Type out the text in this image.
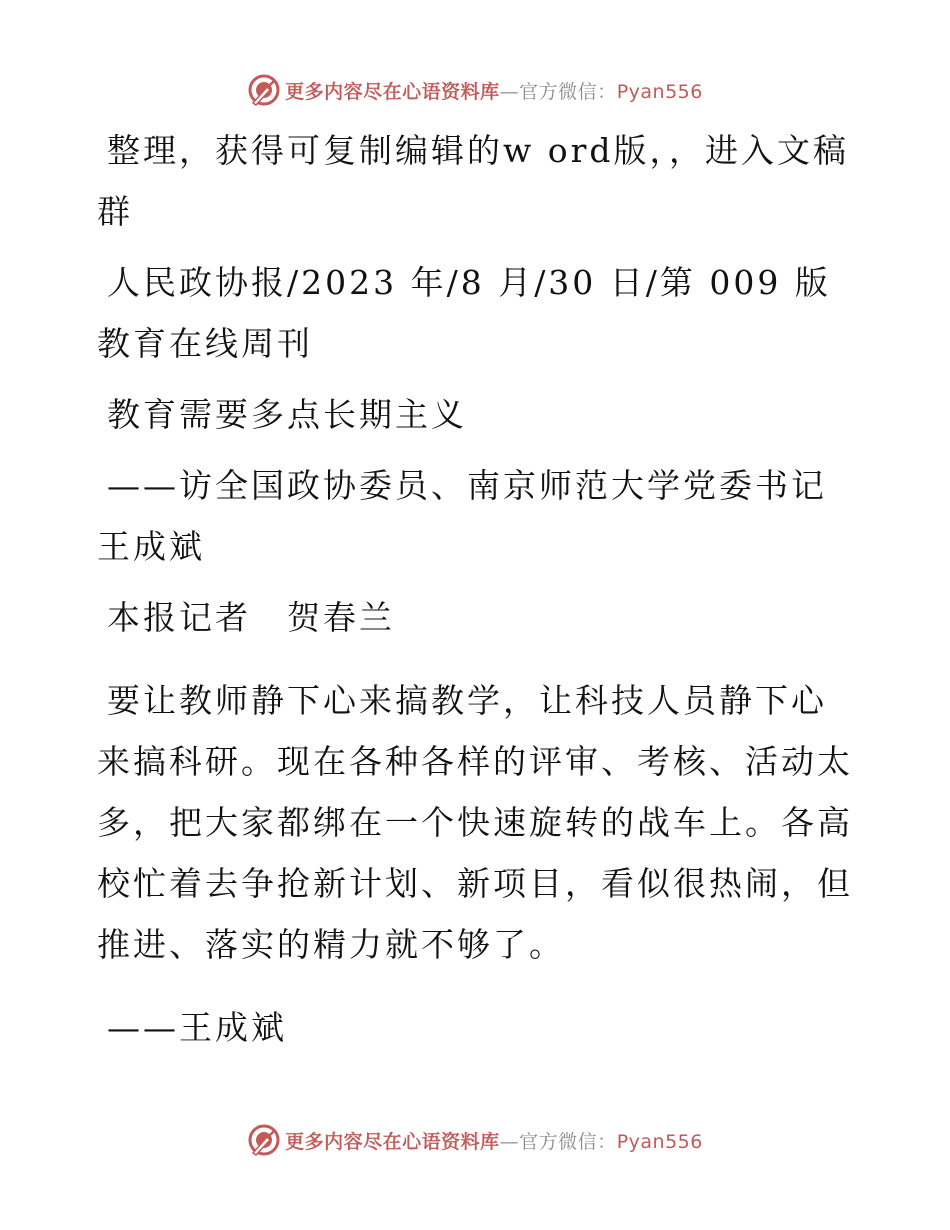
更多内容尽在心语资料库—官方微信：Pyan556

整理，获得可复制编辑的w ord版，，进入文稿群

人民政协报/2023 年/8 月/30 日/第 009 版教育在线周刊

教育需要多点长期主义

——访全国政协委员、南京师范大学党委书记王成斌

本报记者　贺春兰

要让教师静下心来搞教学，让科技人员静下心来搞科研。现在各种各样的评审、考核、活动太多，把大家都绑在一个快速旋转的战车上。各高校忙着去争抢新计划、新项目，看似很热闹，但推进、落实的精力就不够了。

——王成斌

更多内容尽在心语资料库—官方微信：Pyan556
